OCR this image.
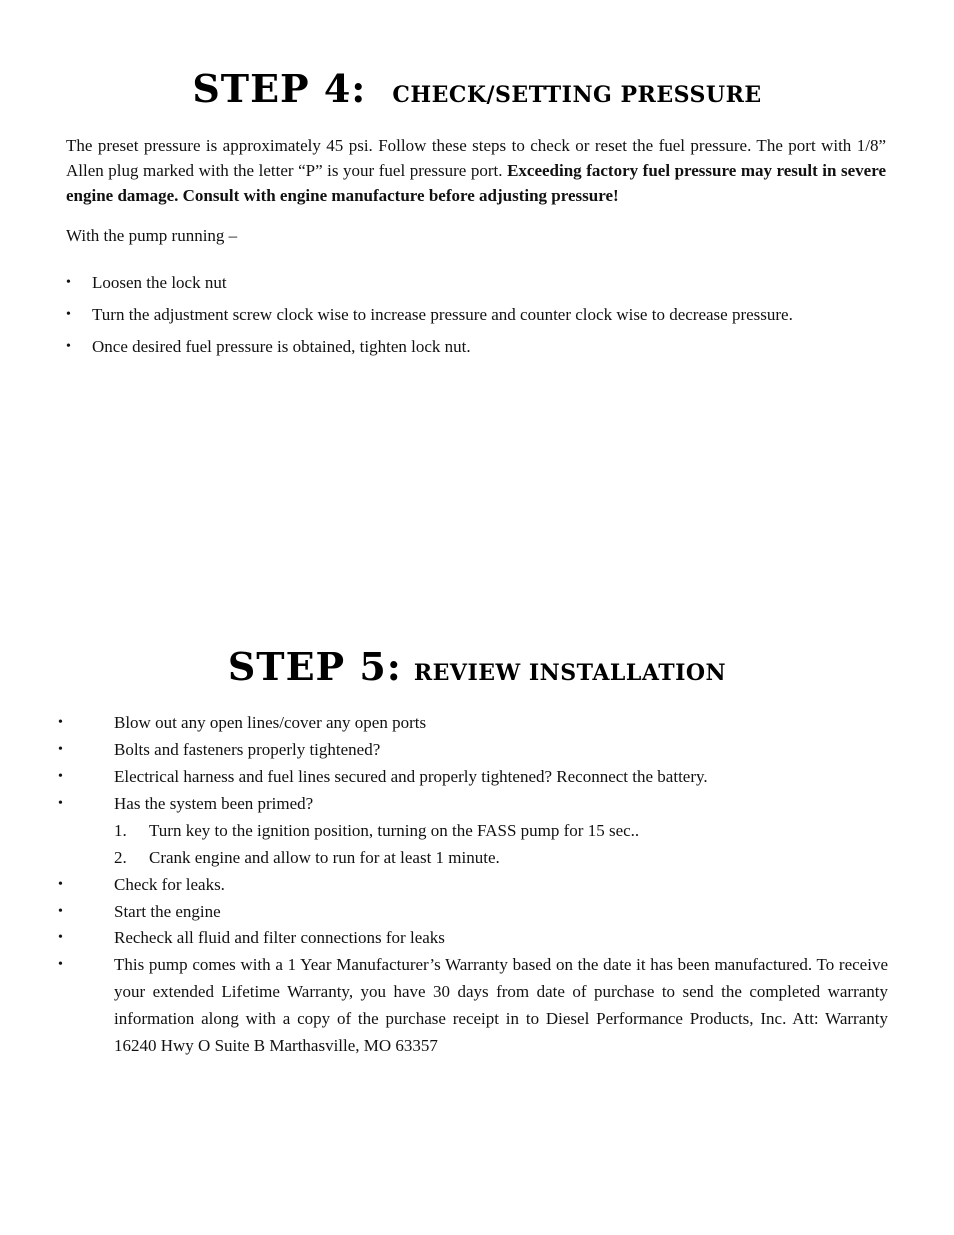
STEP 4: CHECK/SETTING PRESSURE

The preset pressure is approximately 45 psi. Follow these steps to check or reset the fuel pressure. The port with 1/8” Allen plug marked with the letter “P” is your fuel pressure port. Exceeding factory fuel pressure may result in severe engine damage. Consult with engine manufacture before adjusting pressure!

With the pump running –

• Loosen the lock nut
• Turn the adjustment screw clock wise to increase pressure and counter clock wise to decrease pressure.
• Once desired fuel pressure is obtained, tighten lock nut.
STEP 5: REVIEW INSTALLATION
•	Blow out any open lines/cover any open ports
•	Bolts and fasteners properly tightened?
•	Electrical harness and fuel lines secured and properly tightened? Reconnect the battery.
•	Has the system been primed?
1. Turn key to the ignition position, turning on the FASS pump for 15 sec..
2. Crank engine and allow to run for at least 1 minute.
•	Check for leaks.
•	Start the engine
•	Recheck all fluid and filter connections for leaks
•	This pump comes with a 1 Year Manufacturer’s Warranty based on the date it has been manufactured. To receive your extended Lifetime Warranty, you have 30 days from date of purchase to send the completed warranty information along with a copy of the purchase receipt in to Diesel Performance Products, Inc. Att: Warranty 16240 Hwy O Suite B Marthasville, MO 63357
